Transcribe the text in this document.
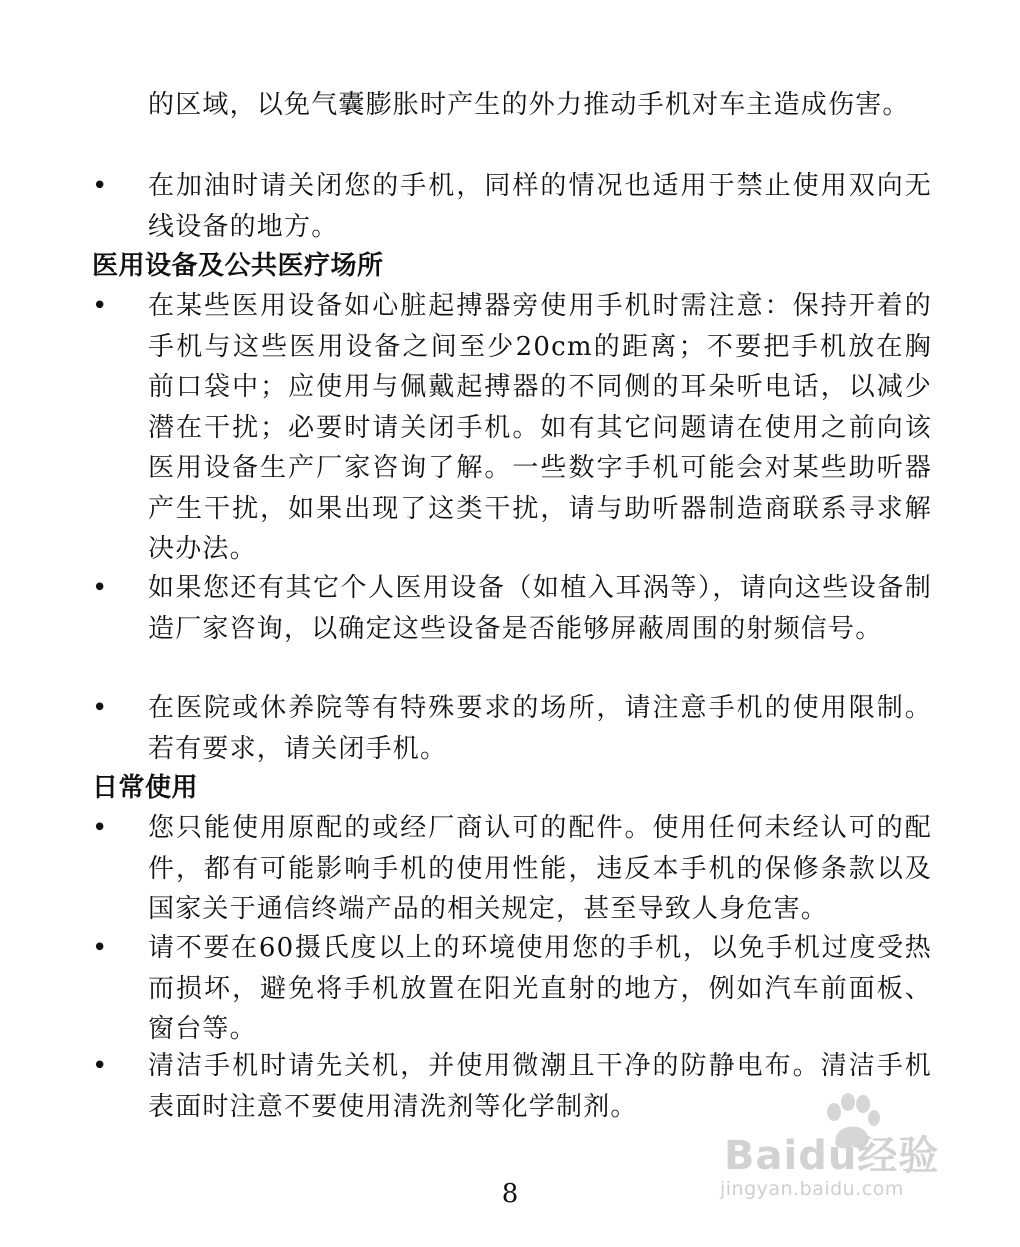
的区域，以免气囊膨胀时产生的外力推动手机对车主造成伤害。
• 在加油时请关闭您的手机，同样的情况也适用于禁止使用双向无线设备的地方。
医用设备及公共医疗场所
• 在某些医用设备如心脏起搏器旁使用手机时需注意：保持开着的手机与这些医用设备之间至少20cm的距离；不要把手机放在胸前口袋中；应使用与佩戴起搏器的不同侧的耳朵听电话，以减少潜在干扰；必要时请关闭手机。如有其它问题请在使用之前向该医用设备生产厂家咨询了解。一些数字手机可能会对某些助听器产生干扰，如果出现了这类干扰，请与助听器制造商联系寻求解决办法。
• 如果您还有其它个人医用设备（如植入耳涡等），请向这些设备制造厂家咨询，以确定这些设备是否能够屏蔽周围的射频信号。
• 在医院或休养院等有特殊要求的场所，请注意手机的使用限制。若有要求，请关闭手机。
日常使用
• 您只能使用原配的或经厂商认可的配件。使用任何未经认可的配件，都有可能影响手机的使用性能，违反本手机的保修条款以及国家关于通信终端产品的相关规定，甚至导致人身危害。
• 请不要在60摄氏度以上的环境使用您的手机，以免手机过度受热而损坏，避免将手机放置在阳光直射的地方，例如汽车前面板、窗台等。
• 清洁手机时请先关机，并使用微潮且干净的防静电布。清洁手机表面时注意不要使用清洗剂等化学制剂。
8
Baidu经验
jingyan.baidu.com
